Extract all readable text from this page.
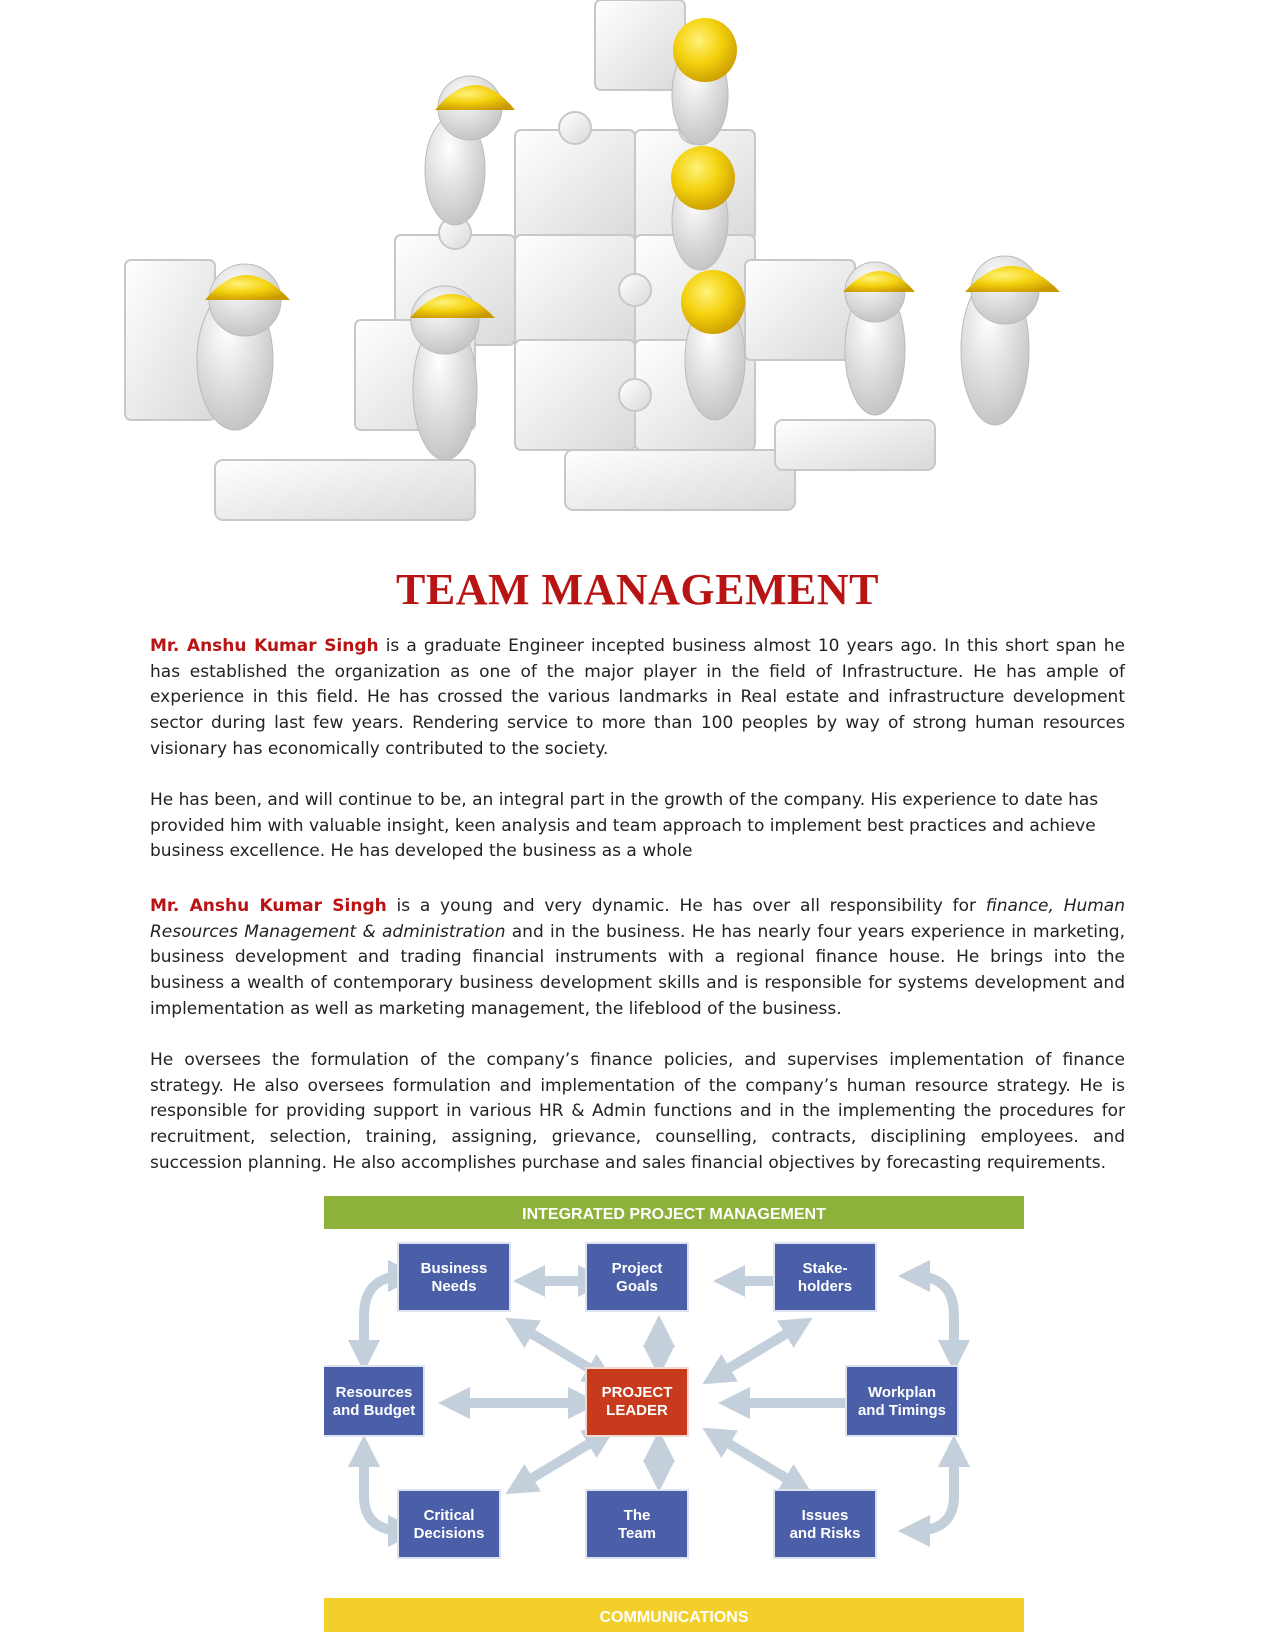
TEAM MANAGEMENT
Mr. Anshu Kumar Singh is a graduate Engineer incepted business almost 10 years ago. In this short span he has established the organization as one of the major player in the field of Infrastructure. He has ample of experience in this field. He has crossed the various landmarks in Real estate and infrastructure development sector during last few years. Rendering service to more than 100 peoples by way of strong human resources visionary has economically contributed to the society.
He has been, and will continue to be, an integral part in the growth of the company. His experience to date has provided him with valuable insight, keen analysis and team approach to implement best practices and achieve business excellence. He has developed the business as a whole
Mr. Anshu Kumar Singh is a young and very dynamic. He has over all responsibility for finance, Human Resources Management & administration and in the business. He has nearly four years experience in marketing, business development and trading financial instruments with a regional finance house. He brings into the business a wealth of contemporary business development skills and is responsible for systems development and implementation as well as marketing management, the lifeblood of the business.
He oversees the formulation of the company’s finance policies, and supervises implementation of finance strategy. He also oversees formulation and implementation of the company’s human resource strategy. He is responsible for providing support in various HR & Admin functions and in the implementing the procedures for recruitment, selection, training, assigning, grievance, counselling, contracts, disciplining employees. and succession planning. He also accomplishes purchase and sales financial objectives by forecasting requirements.
INTEGRATED PROJECT MANAGEMENT
Business
Needs
Project
Goals
Stake-
holders
Resources
and Budget
PROJECT
LEADER
Workplan
and Timings
Critical
Decisions
The
Team
Issues
and Risks
COMMUNICATIONS
